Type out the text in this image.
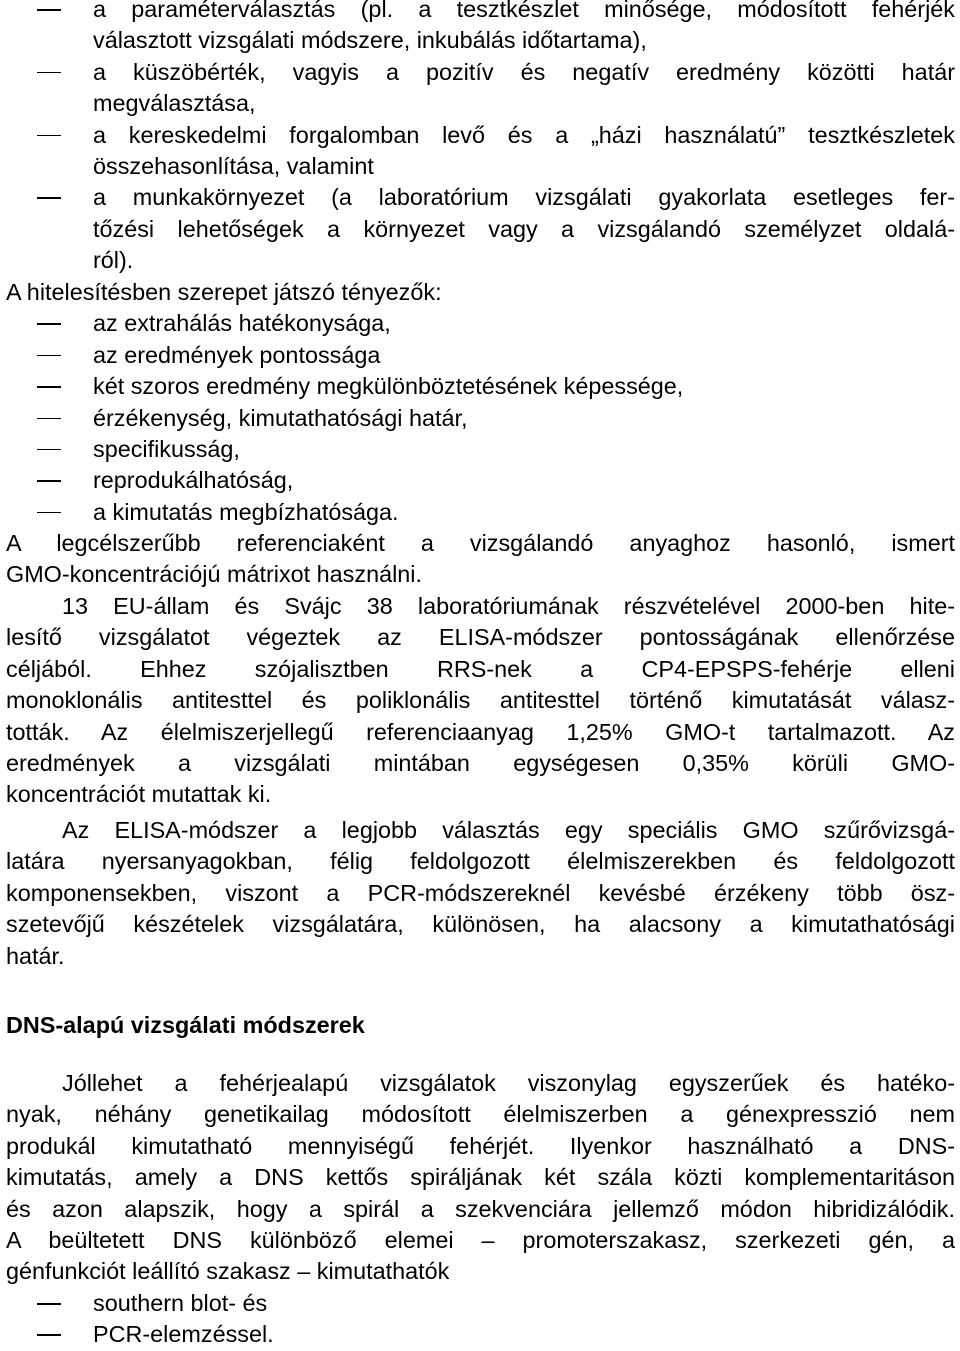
a paraméterválasztás (pl. a tesztkészlet minősége, módosított fehérjék
választott vizsgálati módszere, inkubálás időtartama),
a küszöbérték, vagyis a pozitív és negatív eredmény közötti határ
megválasztása,
a kereskedelmi forgalomban levő és a „házi használatú” tesztkészletek
összehasonlítása, valamint
a munkakörnyezet (a laboratórium vizsgálati gyakorlata esetleges fer-
tőzési lehetőségek a környezet vagy a vizsgálandó személyzet oldalá-
ról).
A hitelesítésben szerepet játszó tényezők:
az extrahálás hatékonysága,
az eredmények pontossága
két szoros eredmény megkülönböztetésének képessége,
érzékenység, kimutathatósági határ,
specifikusság,
reprodukálhatóság,
a kimutatás megbízhatósága.
A legcélszerűbb referenciaként a vizsgálandó anyaghoz hasonló, ismert
GMO-koncentrációjú mátrixot használni.
13 EU-állam és Svájc 38 laboratóriumának részvételével 2000-ben hite-
lesítő vizsgálatot végeztek az ELISA-módszer pontosságának ellenőrzése
céljából. Ehhez szójalisztben RRS-nek a CP4-EPSPS-fehérje elleni
monoklonális antitesttel és poliklonális antitesttel történő kimutatását válasz-
tották. Az élelmiszerjellegű referenciaanyag 1,25% GMO-t tartalmazott. Az
eredmények a vizsgálati mintában egységesen 0,35% körüli GMO-
koncentrációt mutattak ki.
Az ELISA-módszer a legjobb választás egy speciális GMO szűrővizsgá-
latára nyersanyagokban, félig feldolgozott élelmiszerekben és feldolgozott
komponensekben, viszont a PCR-módszereknél kevésbé érzékeny több ösz-
szetevőjű készételek vizsgálatára, különösen, ha alacsony a kimutathatósági
határ.
DNS-alapú vizsgálati módszerek
Jóllehet a fehérjealapú vizsgálatok viszonylag egyszerűek és hatéko-
nyak, néhány genetikailag módosított élelmiszerben a génexpresszió nem
produkál kimutatható mennyiségű fehérjét. Ilyenkor használható a DNS-
kimutatás, amely a DNS kettős spiráljának két szála közti komplementaritáson
és azon alapszik, hogy a spirál a szekvenciára jellemző módon hibridizálódik.
A beültetett DNS különböző elemei – promoterszakasz, szerkezeti gén, a
génfunkciót leállító szakasz – kimutathatók
southern blot- és
PCR-elemzéssel.
